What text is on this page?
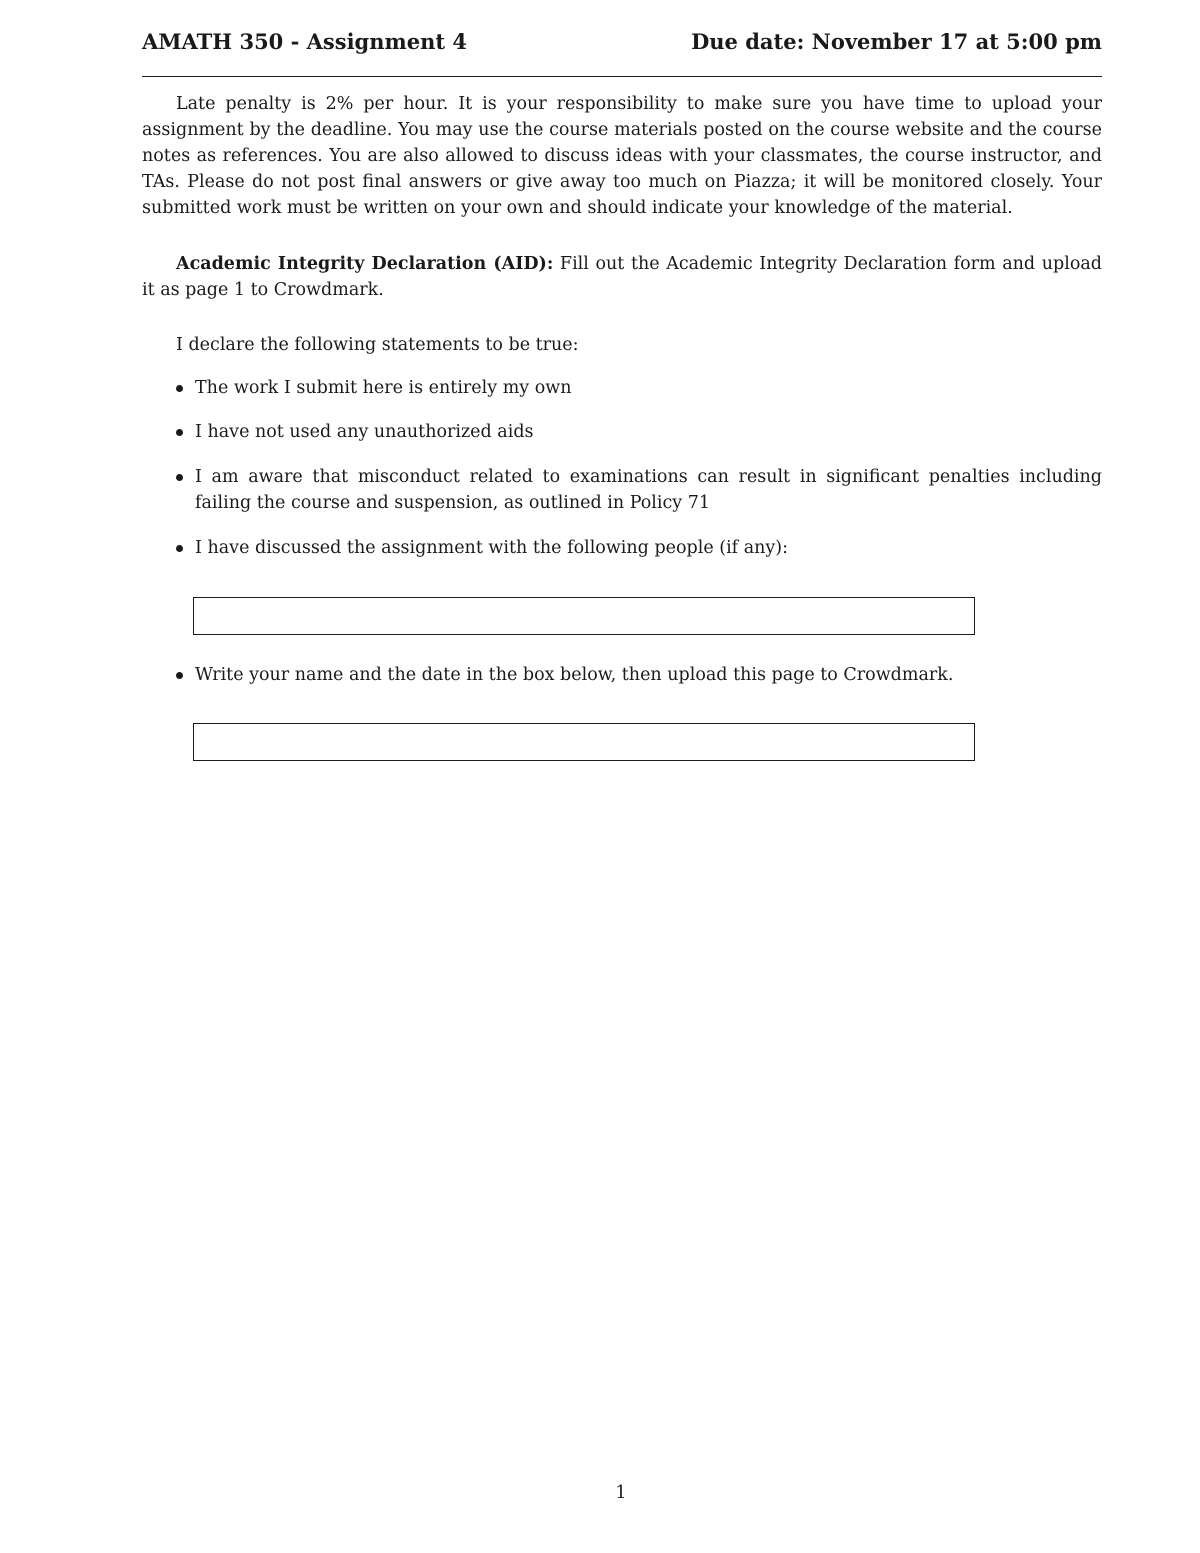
AMATH 350 - Assignment 4	Due date: November 17 at 5:00 pm

Late penalty is 2% per hour. It is your responsibility to make sure you have time to upload your assignment by the deadline. You may use the course materials posted on the course website and the course notes as references. You are also allowed to discuss ideas with your classmates, the course instructor, and TAs. Please do not post final answers or give away too much on Piazza; it will be monitored closely. Your submitted work must be written on your own and should indicate your knowledge of the material.

Academic Integrity Declaration (AID): Fill out the Academic Integrity Declaration form and upload it as page 1 to Crowdmark.

I declare the following statements to be true:

The work I submit here is entirely my own
I have not used any unauthorized aids
I am aware that misconduct related to examinations can result in significant penalties including failing the course and suspension, as outlined in Policy 71
I have discussed the assignment with the following people (if any):
Write your name and the date in the box below, then upload this page to Crowdmark.
1
